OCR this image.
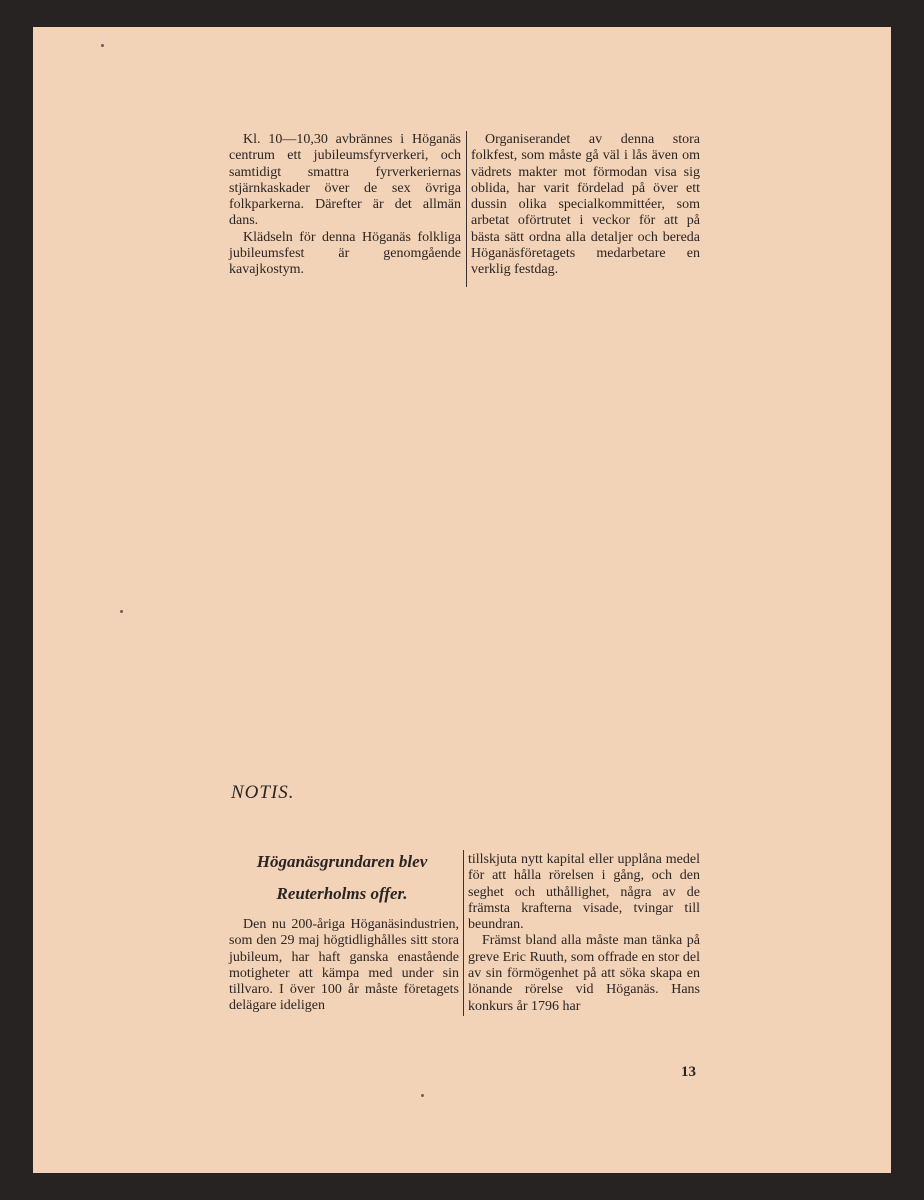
Kl. 10—10,30 avbrännes i Höganäs centrum ett jubileumsfyrverkeri, och samtidigt smattra fyrverkeriernas stjärnkaskader över de sex övriga folkparkerna. Därefter är det allmän dans.

Klädseln för denna Höganäs folkliga jubileumsfest är genomgående kavajkostym.

Organiserandet av denna stora folkfest, som måste gå väl i lås även om vädrets makter mot förmodan visa sig oblida, har varit fördelad på över ett dussin olika specialkommittéer, som arbetat oförtrutet i veckor för att på bästa sätt ordna alla detaljer och bereda Höganäsföretagets medarbetare en verklig festdag.

NOTIS.
Höganäsgrundaren blev
Reuterholms offer.

Den nu 200-åriga Höganäsindustrien, som den 29 maj högtidlighålles sitt stora jubileum, har haft ganska enastående motigheter att kämpa med under sin tillvaro. I över 100 år måste företagets delägare ideligen

tillskjuta nytt kapital eller upplåna medel för att hålla rörelsen i gång, och den seghet och uthållighet, några av de främsta krafterna visade, tvingar till beundran.

Främst bland alla måste man tänka på greve Eric Ruuth, som offrade en stor del av sin förmögenhet på att söka skapa en lönande rörelse vid Höganäs. Hans konkurs år 1796 har

13
